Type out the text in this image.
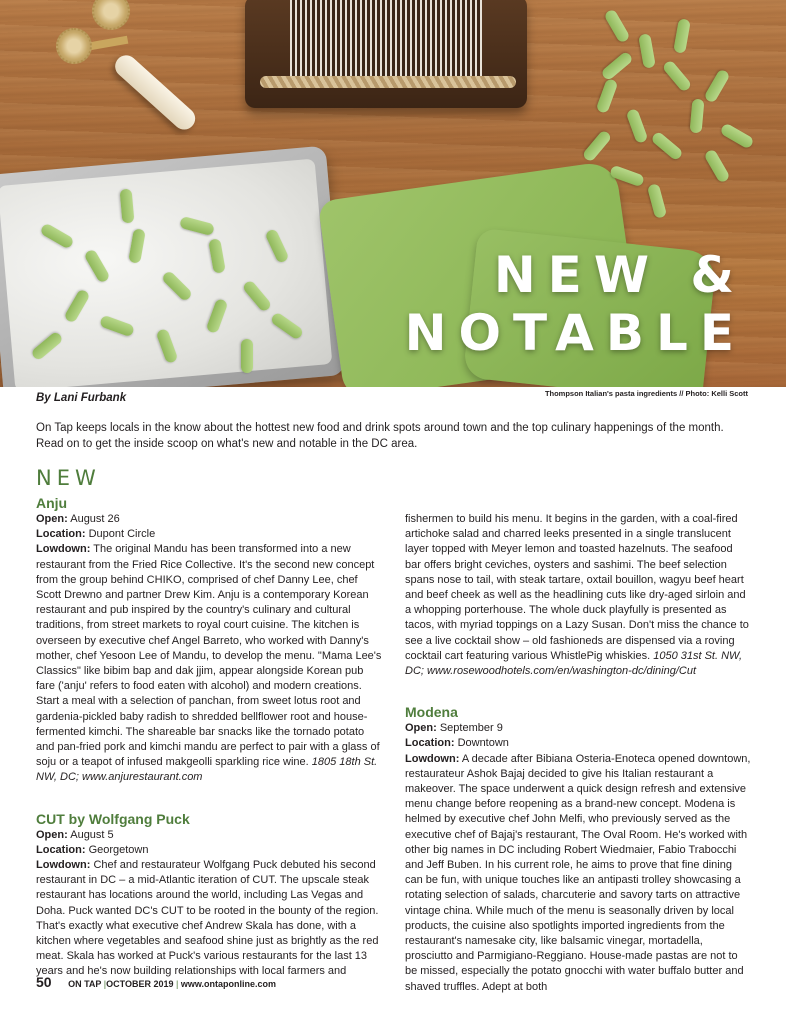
NEW &
NOTABLE
By Lani Furbank	Thompson Italian's pasta ingredients // Photo: Kelli Scott

On Tap keeps locals in the know about the hottest new food and drink spots around town and the top culinary happenings of the month. Read on to get the inside scoop on what's new and notable in the DC area.

NEW
Anju

Open: August 26

Location: Dupont Circle

Lowdown: The original Mandu has been transformed into a new restaurant from the Fried Rice Collective. It's the second new concept from the group behind CHIKO, comprised of chef Danny Lee, chef Scott Drewno and partner Drew Kim. Anju is a contemporary Korean restaurant and pub inspired by the country's culinary and cultural traditions, from street markets to royal court cuisine. The kitchen is overseen by executive chef Angel Barreto, who worked with Danny's mother, chef Yesoon Lee of Mandu, to develop the menu. "Mama Lee's Classics" like bibim bap and dak jjim, appear alongside Korean pub fare ('anju' refers to food eaten with alcohol) and modern creations. Start a meal with a selection of panchan, from sweet lotus root and gardenia-pickled baby radish to shredded bellflower root and house-fermented kimchi. The shareable bar snacks like the tornado potato and pan-fried pork and kimchi mandu are perfect to pair with a glass of soju or a teapot of infused makgeolli sparkling rice wine. 1805 18th St. NW, DC; www.anjurestaurant.com

CUT by Wolfgang Puck

Open: August 5

Location: Georgetown

Lowdown: Chef and restaurateur Wolfgang Puck debuted his second restaurant in DC – a mid-Atlantic iteration of CUT. The upscale steak restaurant has locations around the world, including Las Vegas and Doha. Puck wanted DC's CUT to be rooted in the bounty of the region. That's exactly what executive chef Andrew Skala has done, with a kitchen where vegetables and seafood shine just as brightly as the red meat. Skala has worked at Puck's various restaurants for the last 13 years and he's now building relationships with local farmers and

fishermen to build his menu. It begins in the garden, with a coal-fired artichoke salad and charred leeks presented in a single translucent layer topped with Meyer lemon and toasted hazelnuts. The seafood bar offers bright ceviches, oysters and sashimi. The beef selection spans nose to tail, with steak tartare, oxtail bouillon, wagyu beef heart and beef cheek as well as the headlining cuts like dry-aged sirloin and a whopping porterhouse. The whole duck playfully is presented as tacos, with myriad toppings on a Lazy Susan. Don't miss the chance to see a live cocktail show – old fashioneds are dispensed via a roving cocktail cart featuring various WhistlePig whiskies. 1050 31st St. NW, DC; www.rosewoodhotels.com/en/washington-dc/dining/Cut

Modena

Open: September 9

Location: Downtown

Lowdown: A decade after Bibiana Osteria-Enoteca opened downtown, restaurateur Ashok Bajaj decided to give his Italian restaurant a makeover. The space underwent a quick design refresh and extensive menu change before reopening as a brand-new concept. Modena is helmed by executive chef John Melfi, who previously served as the executive chef of Bajaj's restaurant, The Oval Room. He's worked with other big names in DC including Robert Wiedmaier, Fabio Trabocchi and Jeff Buben. In his current role, he aims to prove that fine dining can be fun, with unique touches like an antipasti trolley showcasing a rotating selection of salads, charcuterie and savory tarts on attractive vintage china. While much of the menu is seasonally driven by local products, the cuisine also spotlights imported ingredients from the restaurant's namesake city, like balsamic vinegar, mortadella, prosciutto and Parmigiano-Reggiano. House-made pastas are not to be missed, especially the potato gnocchi with water buffalo butter and shaved truffles. Adept at both

50 ON TAP |OCTOBER 2019 | www.ontaponline.com
